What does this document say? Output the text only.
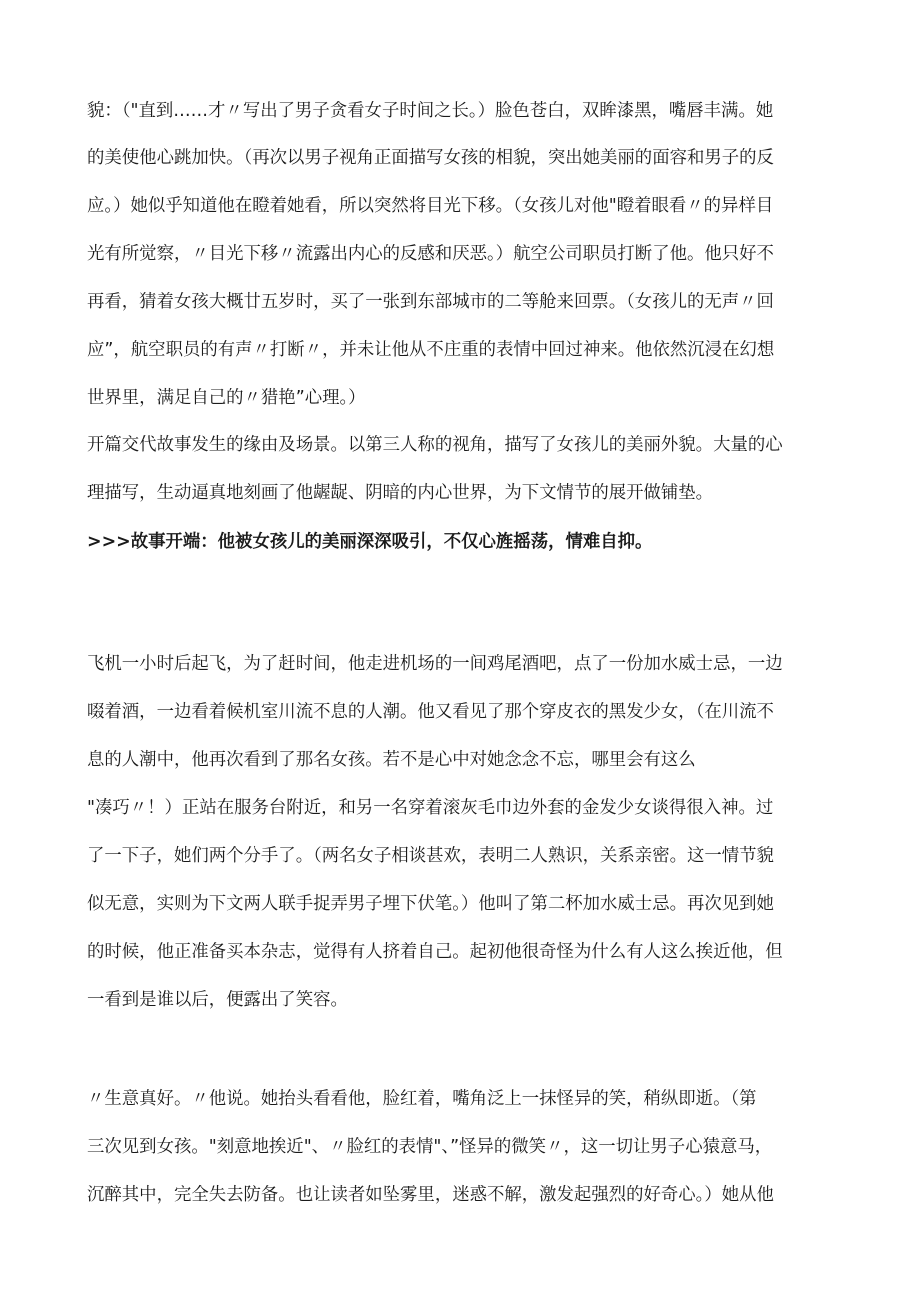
貌：（"直到……才〃写出了男子贪看女子时间之长。）脸色苍白，双眸漆黑，嘴唇丰满。她
的美使他心跳加快。（再次以男子视角正面描写女孩的相貌，突出她美丽的面容和男子的反
应。）她似乎知道他在瞪着她看，所以突然将目光下移。（女孩儿对他"瞪着眼看〃的异样目
光有所觉察，〃目光下移〃流露出内心的反感和厌恶。）航空公司职员打断了他。他只好不
再看，猜着女孩大概廿五岁时，买了一张到东部城市的二等舱来回票。（女孩儿的无声〃回
应”，航空职员的有声〃打断〃，并未让他从不庄重的表情中回过神来。他依然沉浸在幻想
世界里，满足自己的〃猎艳”心理。）
开篇交代故事发生的缘由及场景。以第三人称的视角，描写了女孩儿的美丽外貌。大量的心
理描写，生动逼真地刻画了他龌龊、阴暗的内心世界，为下文情节的展开做铺垫。
>>>故事开端：他被女孩儿的美丽深深吸引，不仅心旌摇荡，情难自抑。
飞机一小时后起飞，为了赶时间，他走进机场的一间鸡尾酒吧，点了一份加水威士忌，一边
啜着酒，一边看着候机室川流不息的人潮。他又看见了那个穿皮衣的黑发少女，（在川流不
息的人潮中，他再次看到了那名女孩。若不是心中对她念念不忘，哪里会有这么
"凑巧〃！）正站在服务台附近，和另一名穿着滚灰毛巾边外套的金发少女谈得很入神。过
了一下子，她们两个分手了。（两名女子相谈甚欢，表明二人熟识，关系亲密。这一情节貌
似无意，实则为下文两人联手捉弄男子埋下伏笔。）他叫了第二杯加水威士忌。再次见到她
的时候，他正准备买本杂志，觉得有人挤着自己。起初他很奇怪为什么有人这么挨近他，但
一看到是谁以后，便露出了笑容。
〃生意真好。〃他说。她抬头看看他，脸红着，嘴角泛上一抹怪异的笑，稍纵即逝。（第
三次见到女孩。"刻意地挨近"、〃脸红的表情"、”怪异的微笑〃，这一切让男子心猿意马，
沉醉其中，完全失去防备。也让读者如坠雾里，迷惑不解，激发起强烈的好奇心。）她从他
